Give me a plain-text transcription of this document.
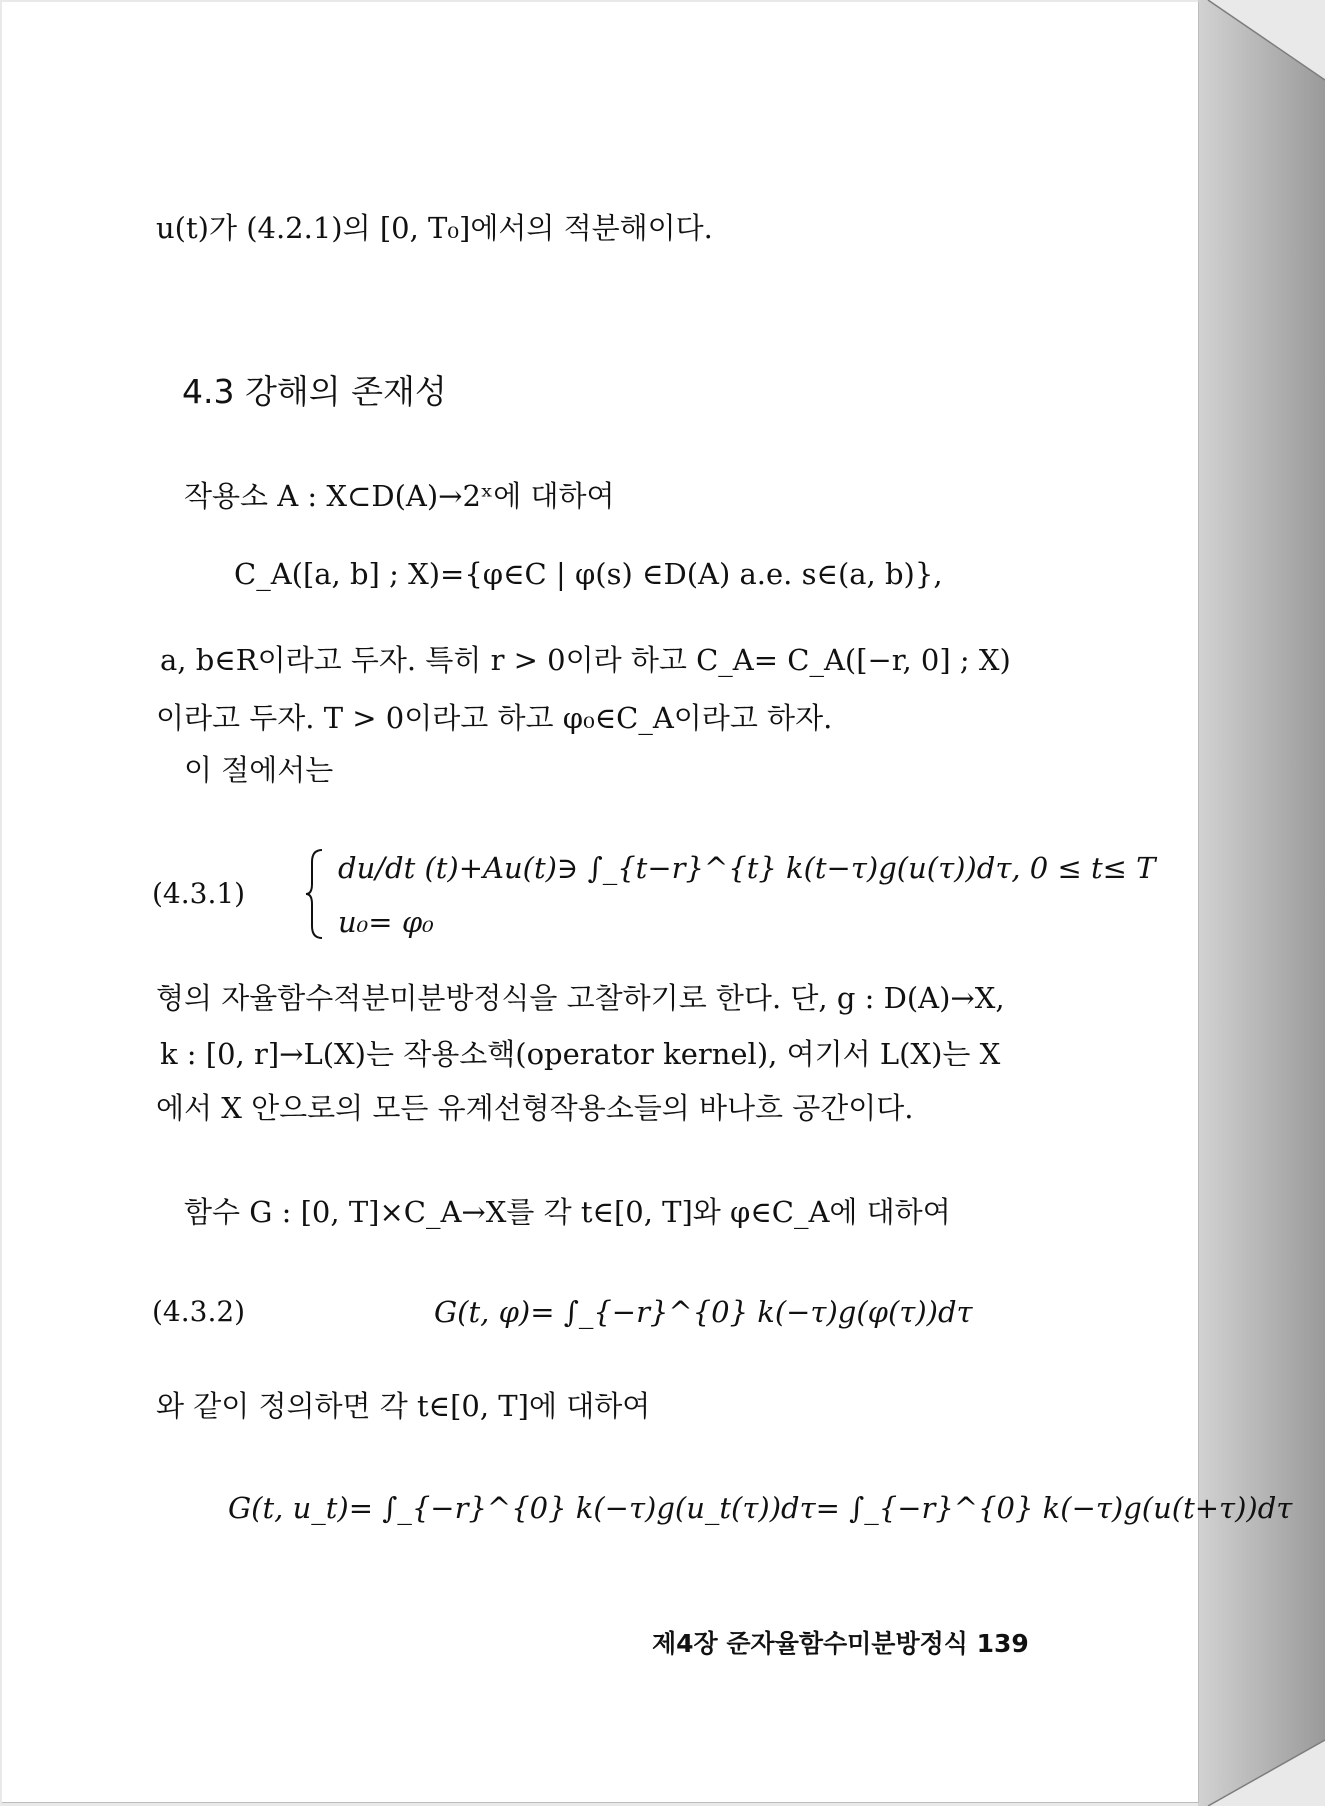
u(t)가 (4.2.1)의 [0, T₀]에서의 적분해이다.
4.3 강해의 존재성
작용소 A : X⊂D(A)→2ˣ에 대하여
C_A([a, b] ; X)={φ∈C | φ(s) ∈D(A) a.e. s∈(a, b)},
a, b∈R이라고 두자. 특히 r > 0이라 하고 C_A= C_A([−r, 0] ; X)
이라고 두자. T > 0이라고 하고 φ₀∈C_A이라고 하자.
이 절에서는
(4.3.1)
du/dt (t)+Au(t)∋ ∫_{t−r}^{t} k(t−τ)g(u(τ))dτ, 0 ≤ t≤ T
u₀= φ₀
형의 자율함수적분미분방정식을 고찰하기로 한다. 단, g : D(A)→X,
k : [0, r]→L(X)는 작용소핵(operator kernel), 여기서 L(X)는 X
에서 X 안으로의 모든 유계선형작용소들의 바나흐 공간이다.
함수 G : [0, T]×C_A→X를 각 t∈[0, T]와 φ∈C_A에 대하여
(4.3.2)	G(t, φ)= ∫_{−r}^{0} k(−τ)g(φ(τ))dτ
와 같이 정의하면 각 t∈[0, T]에 대하여
G(t, u_t)= ∫_{−r}^{0} k(−τ)g(u_t(τ))dτ= ∫_{−r}^{0} k(−τ)g(u(t+τ))dτ
제4장 준자율함수미분방정식 139
